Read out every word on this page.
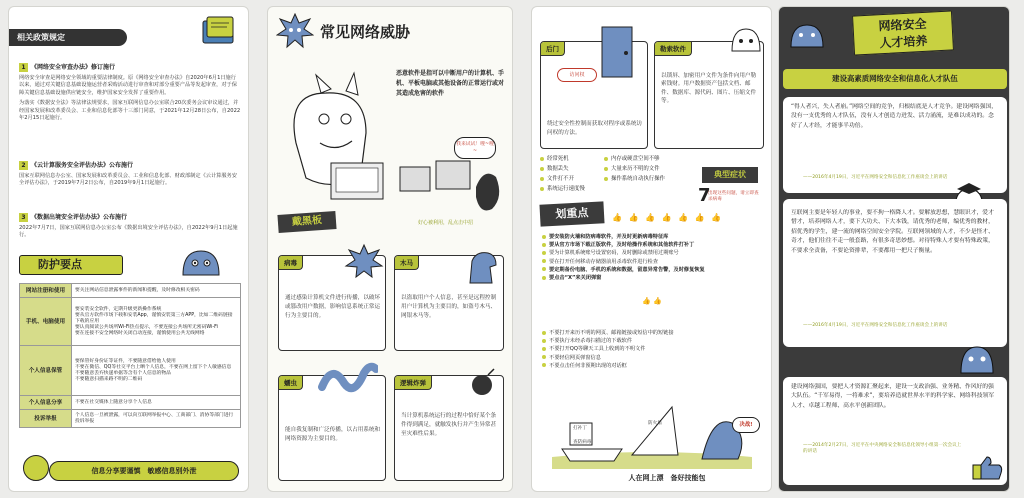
相关政策规定
1 《网络安全审查办法》修订施行
网络安全审查是网络安全领域的重要法律制度。原《网络安全审查办法》自2020年6月1日施行以来，通过对关键信息基础设施运营者采购活动进行审查和对部分重要产品等发起审查，对于保障关键信息基础设施供应链安全，维护国家安全发挥了重要作用。
为落实《数据安全法》等法律法规要求，国家互联网信息办公室联合20次委务会议审议通过，并经国家发展和改革委员会、工业和信息化部等十三部门同意，于2021年12月28日公布，自2022年2月15日起施行。
2 《云计算服务安全评估办法》公布施行
国家互联网信息办公室、国家发展和改革委员会、工业和信息化部、财政部制定《云计算服务安全评估办法》，于2019年7月2日公布，自2019年9月1日起施行。
3 《数据出境安全评估办法》公布施行
2022年7月7日，国家互联网信息办公室公布《数据出境安全评估办法》，自2022年9月1日起施行。
防护要点
网站注册和使用	要关注网站信息泄露事件的新闻和提醒，及时修改相关密码
手机、电脑使用	要安装安全软件，定期升级更新操作系统
要从官方软件市场下载和安装App，谨慎安装第三方APP，比如二维码链接下载的应用
要认真阅读公共场所Wi-Fi热点提示，不要连接公共场所无密码Wi-Fi
要在连接不安全网络时关闭自动连接，谨慎使用公共无线网络

个人信息保管	要保管好身份证等证件，不要随意借给他人使用
不要在微信、QQ等社交平台上晒个人信息，不要在网上留下个人敏感信息
不要随意丢弃快递单据等含有个人信息的物品
不要随意扫描来路不明的二维码

个人信息分享	不要在社交媒体上随意分享个人信息
投诉举报	个人信息一旦被泄露，可以向互联网举报中心、工商部门、消协等部门进行投诉举报
信息分享要谨慎　敏感信息别外泄
常见网络威胁
恶意软件是指可以中断用户的计算机、手机、平板电脑或其他设备的正常运行或对其造成危害的软件
我来试试！嗖~嗖~
好心被利用，乱点击中招
戴黑板
病毒
通过感染计算机文件进行传播，以破坏或篡改用户数据，影响信息系统正常运行为主要目的。
木马
以盗取用户个人信息，甚至是远程控制用户计算机为主要目的，如盗号木马、网银木马等。
蠕虫
能自我复制和广泛传播，以占用系统和网络资源为主要目的。
逻辑炸弹
当计算机系统运行的过程中恰好某个条件得到满足，就触发执行并产生异常甚至灾难性后果。
后门
访问权
绕过安全性控制而获取对程序或系统访问权的方法。
勒索软件
以锁屏、加密用户文件为条件向用户勒索钱财。用户数据资产包括文档、邮件、数据库、源代码、图片、压缩文件等。
经常死机	内存或硬盘空间不够
数据丢失	大量来历不明的文件
文件打不开	操作系统自动执行操作
系统运行速度慢
典型症状
7
出现这些问题，请立即查杀病毒
划重点	👍 👍 👍 👍 👍 👍 👍
要安装防火墙和防病毒软件，并及时更新病毒特征库
要从官方市场下载正版软件，及时给操作系统和其他软件打补丁
要为计算机系统账号设置密码，及时删除或禁用过期账号
要在打开任何移动存储器前用杀毒软件进行检查
要定期备份电脑、手机的系统和数据，留意异常告警，及时修复恢复
要点击“X”来关闭弹窗
👍 👍
不要打开来历不明的网页、邮箱链接或短信中的短链接
不要执行未经杀毒扫描过的下载软件
不要打开QQ等聊天工具上收到的不明文件
不要轻信网页弹窗信息
不要点击任何非预期出现的对话框
打补丁
查防病毒
防火墙	决战!
人在网上漂　备好技能包
网络安全
人才培养
建设高素质网络安全和信息化人才队伍
“得人者兴，失人者崩。”网络空间的竞争，归根结底是人才竞争。建设网络强国，没有一支优秀的人才队伍，没有人才创造力迸发、活力涌流，是难以成功的。念好了人才经，才能事半功倍。
——2016年4月19日，习近平在网络安全和信息化工作座谈会上的讲话
互联网主要是年轻人的事业，要不拘一格降人才。要解放思想，慧眼识才，爱才惜才，培养网络人才，要下大功夫、下大本钱，请优秀的老师，编优秀的教材，招优秀的学生，建一流的网络空间安全学院。互联网领域的人才，不少是怪才、奇才，他们往往不走一般套路，有很多奇思妙想。对待特殊人才要有特殊政策，不要求全责备，不要论资排辈，不要都用一把尺子衡量。
——2016年4月19日，习近平在网络安全和信息化工作座谈会上的讲话
建设网络强国，要把人才资源汇聚起来，建设一支政治强、业务精、作风好的强大队伍。“千军易得，一将难求”，要培养造就世界水平的科学家、网络科技领军人才、卓越工程师、高水平创新团队。
——2014年2月27日，习近平在中央网络安全和信息化领导小组第一次会议上的讲话
